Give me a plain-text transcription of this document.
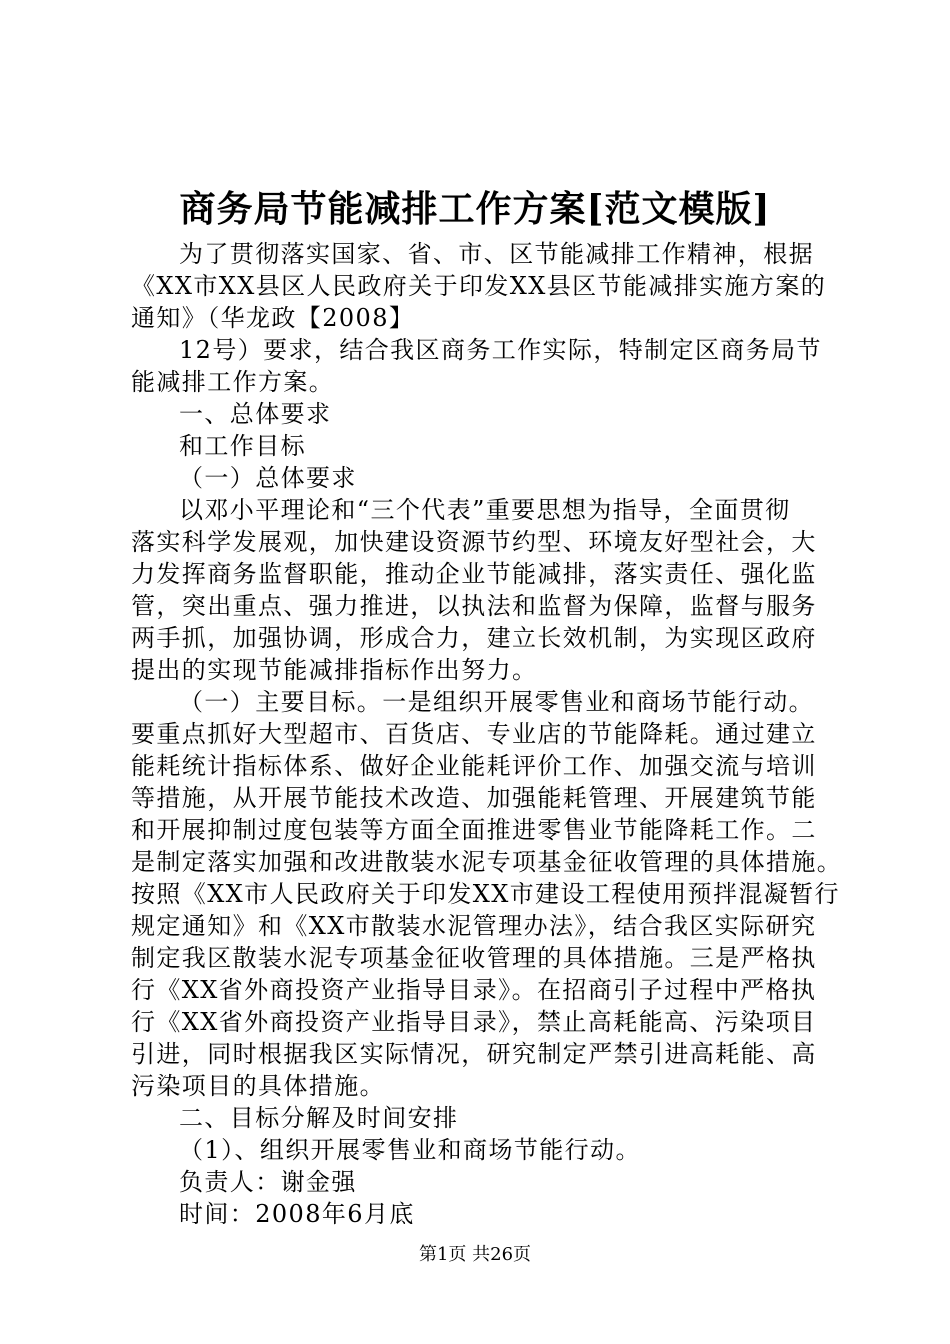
商务局节能减排工作方案[范文模版]
为了贯彻落实国家、省、市、区节能减排工作精神，根据
《XX市XX县区人民政府关于印发XX县区节能减排实施方案的
通知》（华龙政【2008】
12号）要求，结合我区商务工作实际，特制定区商务局节
能减排工作方案。
一、总体要求
和工作目标
（一）总体要求
以邓小平理论和“三个代表”重要思想为指导，全面贯彻
落实科学发展观，加快建设资源节约型、环境友好型社会，大
力发挥商务监督职能，推动企业节能减排，落实责任、强化监
管，突出重点、强力推进，以执法和监督为保障，监督与服务
两手抓，加强协调，形成合力，建立长效机制，为实现区政府
提出的实现节能减排指标作出努力。
（一）主要目标。一是组织开展零售业和商场节能行动。
要重点抓好大型超市、百货店、专业店的节能降耗。通过建立
能耗统计指标体系、做好企业能耗评价工作、加强交流与培训
等措施，从开展节能技术改造、加强能耗管理、开展建筑节能
和开展抑制过度包装等方面全面推进零售业节能降耗工作。二
是制定落实加强和改进散装水泥专项基金征收管理的具体措施。
按照《XX市人民政府关于印发XX市建设工程使用预拌混凝暂行
规定通知》和《XX市散装水泥管理办法》，结合我区实际研究
制定我区散装水泥专项基金征收管理的具体措施。三是严格执
行《XX省外商投资产业指导目录》。在招商引子过程中严格执
行《XX省外商投资产业指导目录》，禁止高耗能高、污染项目
引进，同时根据我区实际情况，研究制定严禁引进高耗能、高
污染项目的具体措施。
二、目标分解及时间安排
（1）、组织开展零售业和商场节能行动。
负责人：谢金强
时间：2008年6月底
第1页 共26页
